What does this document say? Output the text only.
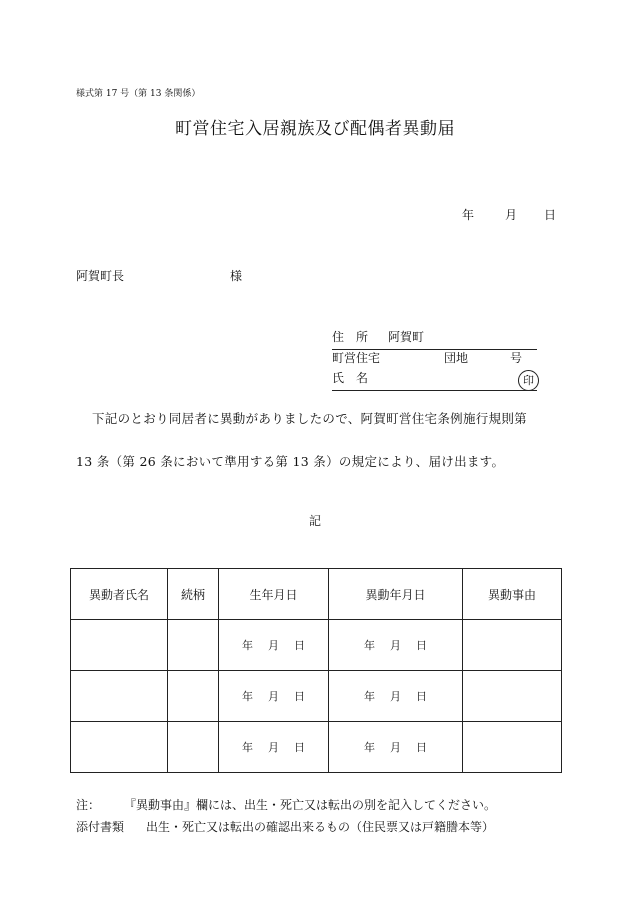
様式第 17 号（第 13 条関係）
町営住宅入居親族及び配偶者異動届
年	月 日
阿賀町長	様
住　所 阿賀町
町営住宅	団地	号
氏　名	印
下記のとおり同居者に異動がありましたので、阿賀町営住宅条例施行規則第
13 条（第 26 条において準用する第 13 条）の規定により、届け出ます。
記
異動者氏名	続柄	生年月日	異動年月日	異動事由
		年 月 日	年 月 日	
		年 月 日	年 月 日	
		年 月 日	年 月 日	
注： 『異動事由』欄には、出生・死亡又は転出の別を記入してください。
添付書類 出生・死亡又は転出の確認出来るもの（住民票又は戸籍謄本等）
